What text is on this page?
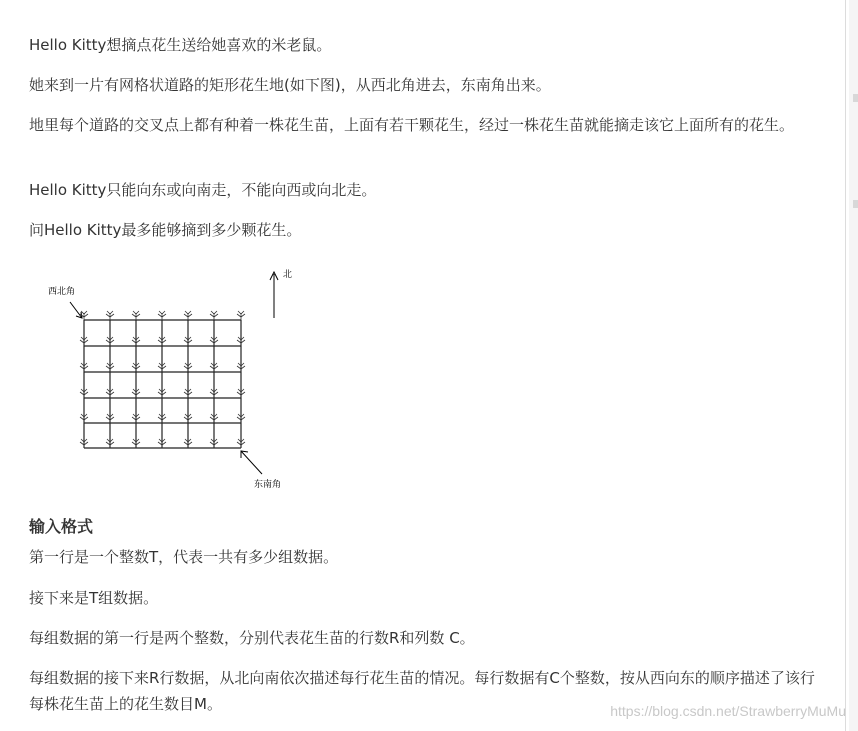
Hello Kitty想摘点花生送给她喜欢的米老鼠。

她来到一片有网格状道路的矩形花生地(如下图)，从西北角进去，东南角出来。

地里每个道路的交叉点上都有种着一株花生苗，上面有若干颗花生，经过一株花生苗就能摘走该它上面所有的花生。

Hello Kitty只能向东或向南走，不能向西或向北走。

问Hello Kitty最多能够摘到多少颗花生。

西北角
北
东南角
输入格式

第一行是一个整数T，代表一共有多少组数据。

接下来是T组数据。

每组数据的第一行是两个整数，分别代表花生苗的行数R和列数 C。

每组数据的接下来R行数据，从北向南依次描述每行花生苗的情况。每行数据有C个整数，按从西向东的顺序描述了该行每株花生苗上的花生数目M。	https://blog.csdn.net/StrawberryMuMu
